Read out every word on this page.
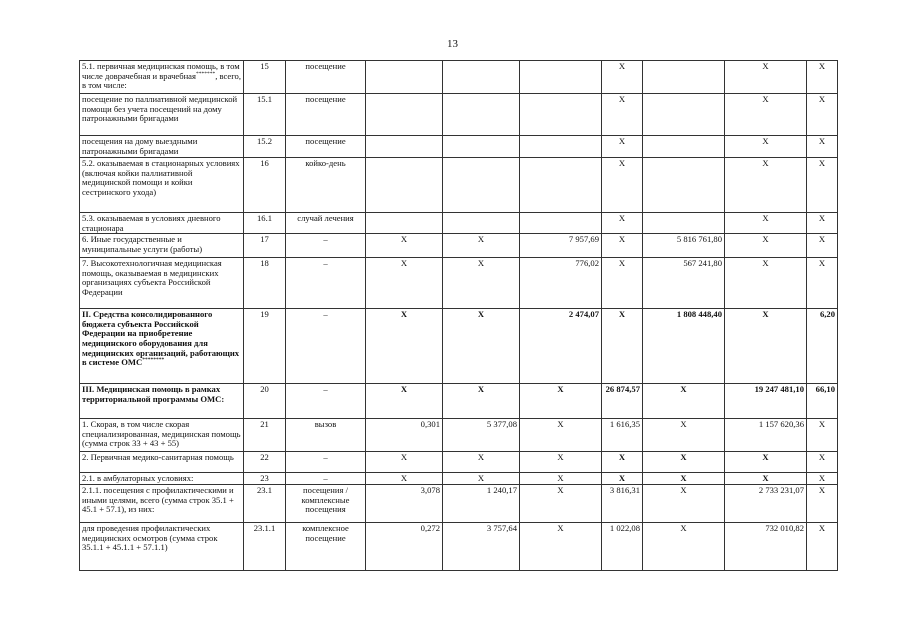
13
5.1. первичная медицинская помощь, в том числе доврачебная и врачебная*******, всего, в том числе:	15	посещение				Х		Х	Х
посещение по паллиативной медицинской помощи без учета посещений на дому патронажными бригадами	15.1	посещение				Х		Х	Х
посещения на дому выездными патронажными бригадами	15.2	посещение				Х		Х	Х
5.2. оказываемая в стационарных условиях (включая койки паллиативной медицинской помощи и койки сестринского ухода)	16	койко-день				Х		Х	Х
5.3. оказываемая в условиях дневного стационара	16.1	случай лечения				Х		Х	Х
6. Иные государственные и муниципальные услуги (работы)	17	–	Х	Х	7 957,69	Х	5 816 761,80	Х	Х
7. Высокотехнологичная медицинская помощь, оказываемая в медицинских организациях субъекта Российской Федерации	18	–	Х	Х	776,02	Х	567 241,80	Х	Х
II. Средства консолидированного бюджета субъекта Российской Федерации на приобретение медицинского оборудования для медицинских организаций, работающих в системе ОМС********	19	–	Х	Х	2 474,07	Х	1 808 448,40	Х	6,20
III. Медицинская помощь в рамках территориальной программы ОМС:	20	–	Х	Х	Х	26 874,57	Х	19 247 481,10	66,10
1. Скорая, в том числе скорая специализированная, медицинская помощь (сумма строк 33 + 43 + 55)	21	вызов	0,301	5 377,08	Х	1 616,35	Х	1 157 620,36	Х
2. Первичная медико-санитарная помощь	22	–	Х	Х	Х	Х	Х	Х	Х
2.1. в амбулаторных условиях:	23	–	Х	Х	Х	Х	Х	Х	Х
2.1.1. посещения с профилактическими и иными целями, всего (сумма строк 35.1 + 45.1 + 57.1), из них:	23.1	посещения / комплексные посещения	3,078	1 240,17	Х	3 816,31	Х	2 733 231,07	Х
для проведения профилактических медицинских осмотров (сумма строк 35.1.1 + 45.1.1 + 57.1.1)	23.1.1	комплексное посещение	0,272	3 757,64	Х	1 022,08	Х	732 010,82	Х
